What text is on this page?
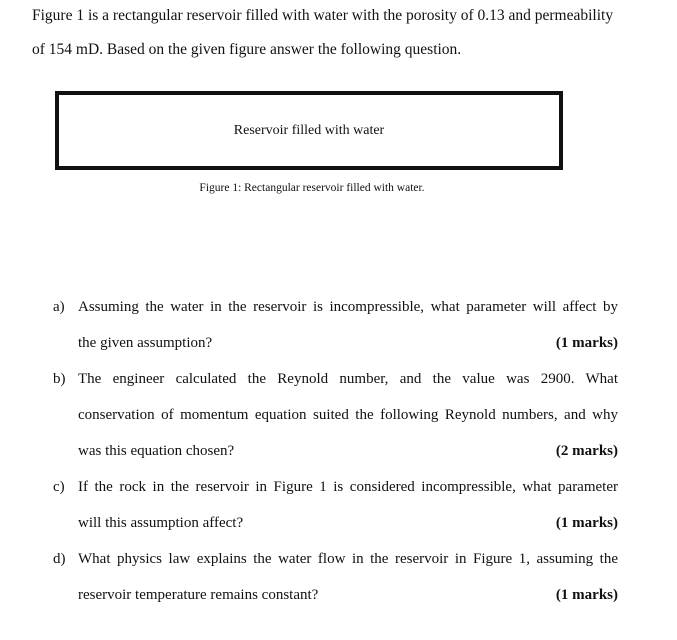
Figure 1 is a rectangular reservoir filled with water with the porosity of 0.13 and permeability
of 154 mD. Based on the given figure answer the following question.
Reservoir filled with water
Figure 1: Rectangular reservoir filled with water.
a) Assuming the water in the reservoir is incompressible, what parameter will affect by
the given assumption?	(1 marks)
b) The engineer calculated the Reynold number, and the value was 2900. What
conservation of momentum equation suited the following Reynold numbers, and why
was this equation chosen?	(2 marks)
c) If the rock in the reservoir in Figure 1 is considered incompressible, what parameter
will this assumption affect?	(1 marks)
d) What physics law explains the water flow in the reservoir in Figure 1, assuming the
reservoir temperature remains constant?	(1 marks)
